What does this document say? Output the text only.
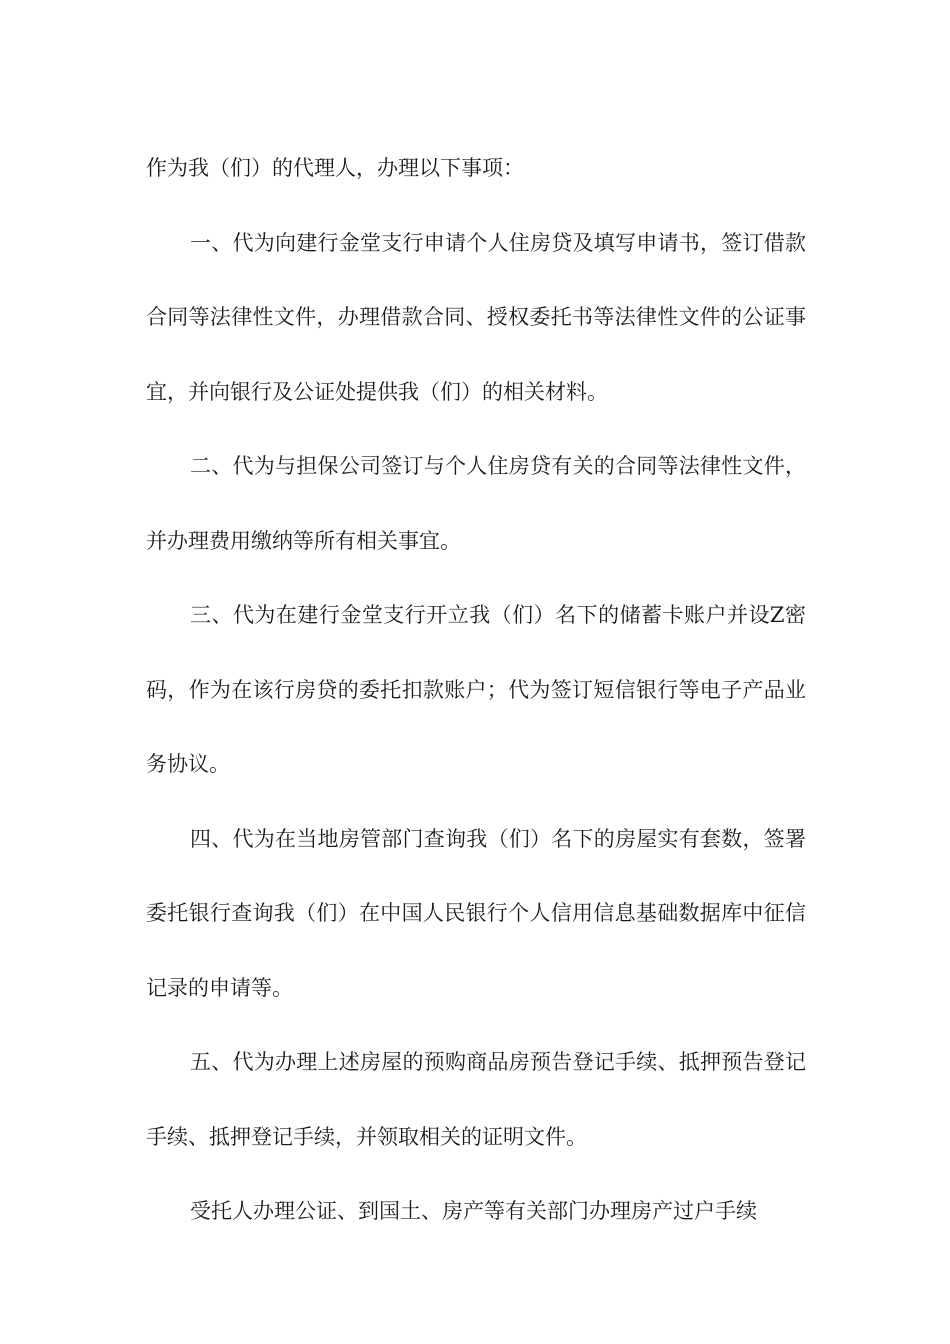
作为我（们）的代理人，办理以下事项：

一、代为向建行金堂支行申请个人住房贷及填写申请书，签订借款合同等法律性文件，办理借款合同、授权委托书等法律性文件的公证事宜，并向银行及公证处提供我（们）的相关材料。

二、代为与担保公司签订与个人住房贷有关的合同等法律性文件，并办理费用缴纳等所有相关事宜。

三、代为在建行金堂支行开立我（们）名下的储蓄卡账户并设Z密码，作为在该行房贷的委托扣款账户；代为签订短信银行等电子产品业务协议。

四、代为在当地房管部门查询我（们）名下的房屋实有套数，签署委托银行查询我（们）在中国人民银行个人信用信息基础数据库中征信记录的申请等。

五、代为办理上述房屋的预购商品房预告登记手续、抵押预告登记手续、抵押登记手续，并领取相关的证明文件。

受托人办理公证、到国土、房产等有关部门办理房产过户手续
